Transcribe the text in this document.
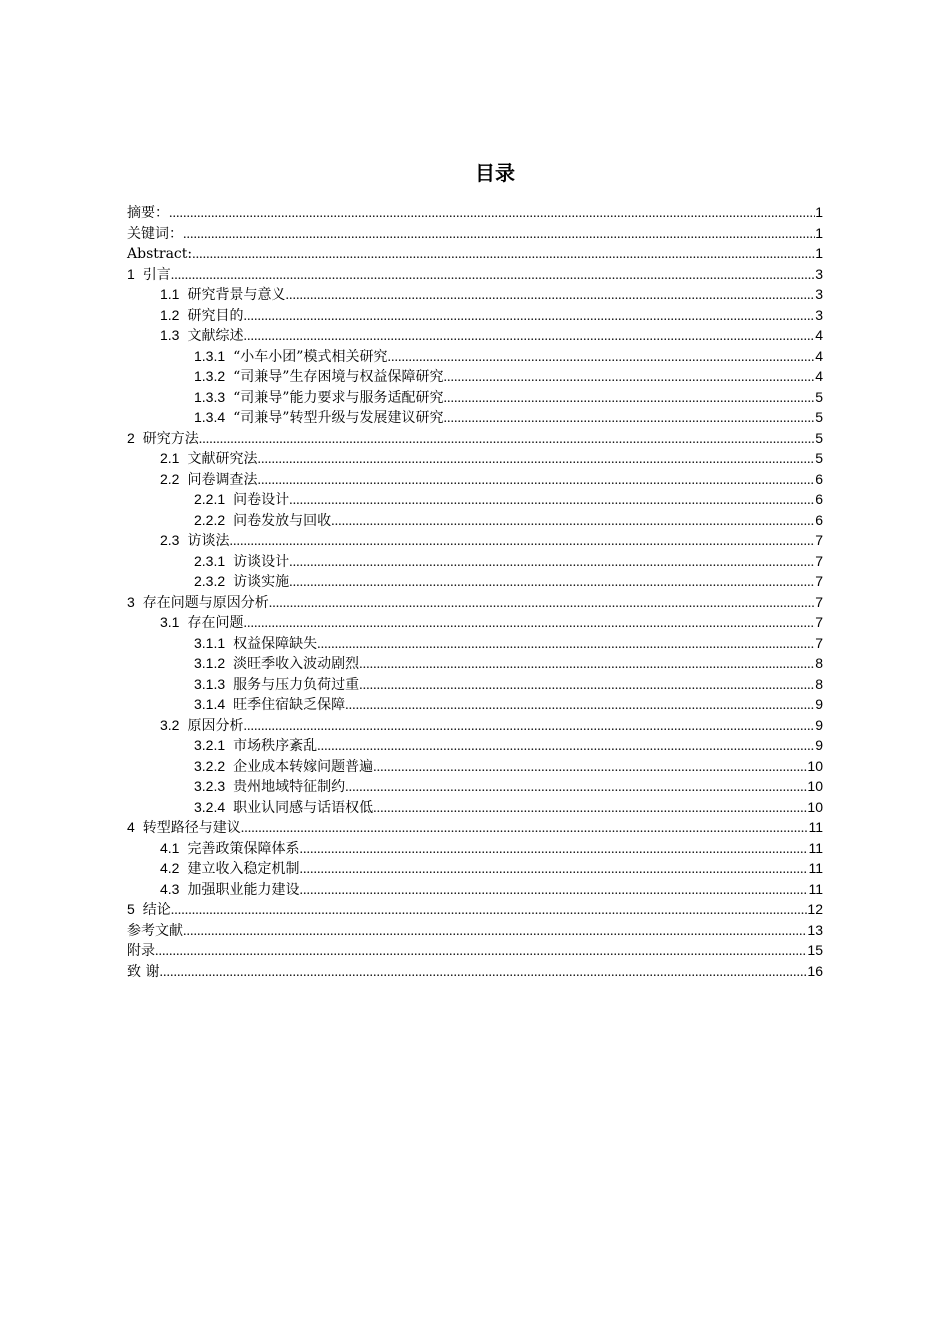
目录
摘要： .....	1
关键词： .....	1
Abstract: .....	1
1 引言 .....	3
1.1 研究背景与意义 .....	3
1.2 研究目的 .....	3
1.3 文献综述 .....	4
1.3.1 “小车小团”模式相关研究 .....	4
1.3.2 “司兼导”生存困境与权益保障研究 .....	4
1.3.3 “司兼导”能力要求与服务适配研究 .....	5
1.3.4 “司兼导”转型升级与发展建议研究 .....	5
2 研究方法 .....	5
2.1 文献研究法 .....	5
2.2 问卷调查法 .....	6
2.2.1 问卷设计 .....	6
2.2.2 问卷发放与回收 .....	6
2.3 访谈法 .....	7
2.3.1 访谈设计 .....	7
2.3.2 访谈实施 .....	7
3 存在问题与原因分析 .....	7
3.1 存在问题 .....	7
3.1.1 权益保障缺失 .....	7
3.1.2 淡旺季收入波动剧烈 .....	8
3.1.3 服务与压力负荷过重 .....	8
3.1.4 旺季住宿缺乏保障 .....	9
3.2 原因分析 .....	9
3.2.1 市场秩序紊乱 .....	9
3.2.2 企业成本转嫁问题普遍 .....	10
3.2.3 贵州地域特征制约 .....	10
3.2.4 职业认同感与话语权低 .....	10
4 转型路径与建议 .....	11
4.1 完善政策保障体系 .....	11
4.2 建立收入稳定机制 .....	11
4.3 加强职业能力建设 .....	11
5 结论 .....	12
参考文献 .....	13
附录 .....	15
致 谢 .....	16
